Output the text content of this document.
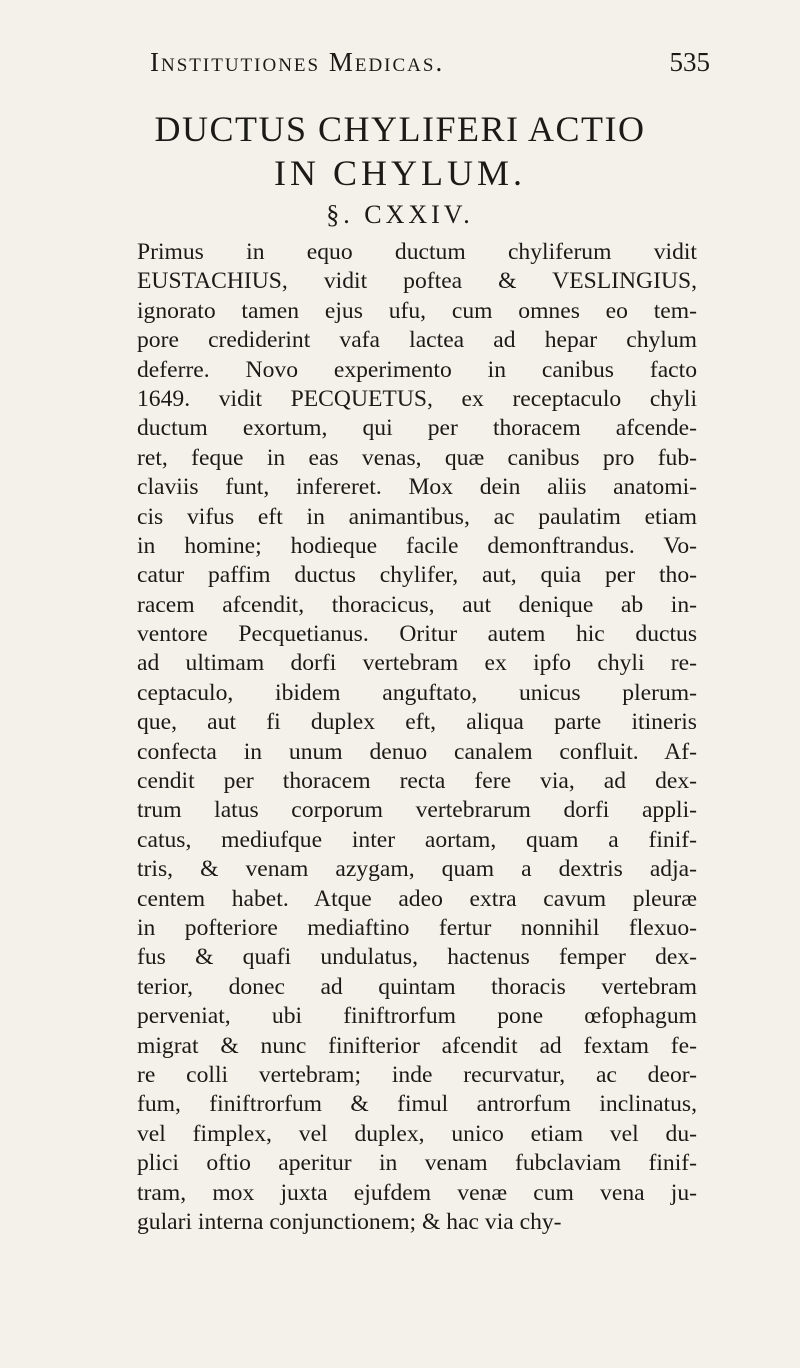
Institutiones Medicas.	535
DUCTUS CHYLIFERI ACTIO
IN CHYLUM.
§. CXXIV.
Primus in equo ductum chyliferum vidit
EUSTACHIUS, vidit poftea & VESLINGIUS,
ignorato tamen ejus ufu, cum omnes eo tem-
pore crediderint vafa lactea ad hepar chylum
deferre. Novo experimento in canibus facto
1649. vidit PECQUETUS, ex receptaculo chyli
ductum exortum, qui per thoracem afcende-
ret, feque in eas venas, quæ canibus pro fub-
claviis funt, infereret. Mox dein aliis anatomi-
cis vifus eft in animantibus, ac paulatim etiam
in homine; hodieque facile demonftrandus. Vo-
catur paffim ductus chylifer, aut, quia per tho-
racem afcendit, thoracicus, aut denique ab in-
ventore Pecquetianus. Oritur autem hic ductus
ad ultimam dorfi vertebram ex ipfo chyli re-
ceptaculo, ibidem anguftato, unicus plerum-
que, aut fi duplex eft, aliqua parte itineris
confecta in unum denuo canalem confluit. Af-
cendit per thoracem recta fere via, ad dex-
trum latus corporum vertebrarum dorfi appli-
catus, mediufque inter aortam, quam a finif-
tris, & venam azygam, quam a dextris adja-
centem habet. Atque adeo extra cavum pleuræ
in pofteriore mediaftino fertur nonnihil flexuo-
fus & quafi undulatus, hactenus femper dex-
terior, donec ad quintam thoracis vertebram
perveniat, ubi finiftrorfum pone œfophagum
migrat & nunc finifterior afcendit ad fextam fe-
re colli vertebram; inde recurvatur, ac deor-
fum, finiftrorfum & fimul antrorfum inclinatus,
vel fimplex, vel duplex, unico etiam vel du-
plici oftio aperitur in venam fubclaviam finif-
tram, mox juxta ejufdem venæ cum vena ju-
gulari interna conjunctionem; & hac via chy-
